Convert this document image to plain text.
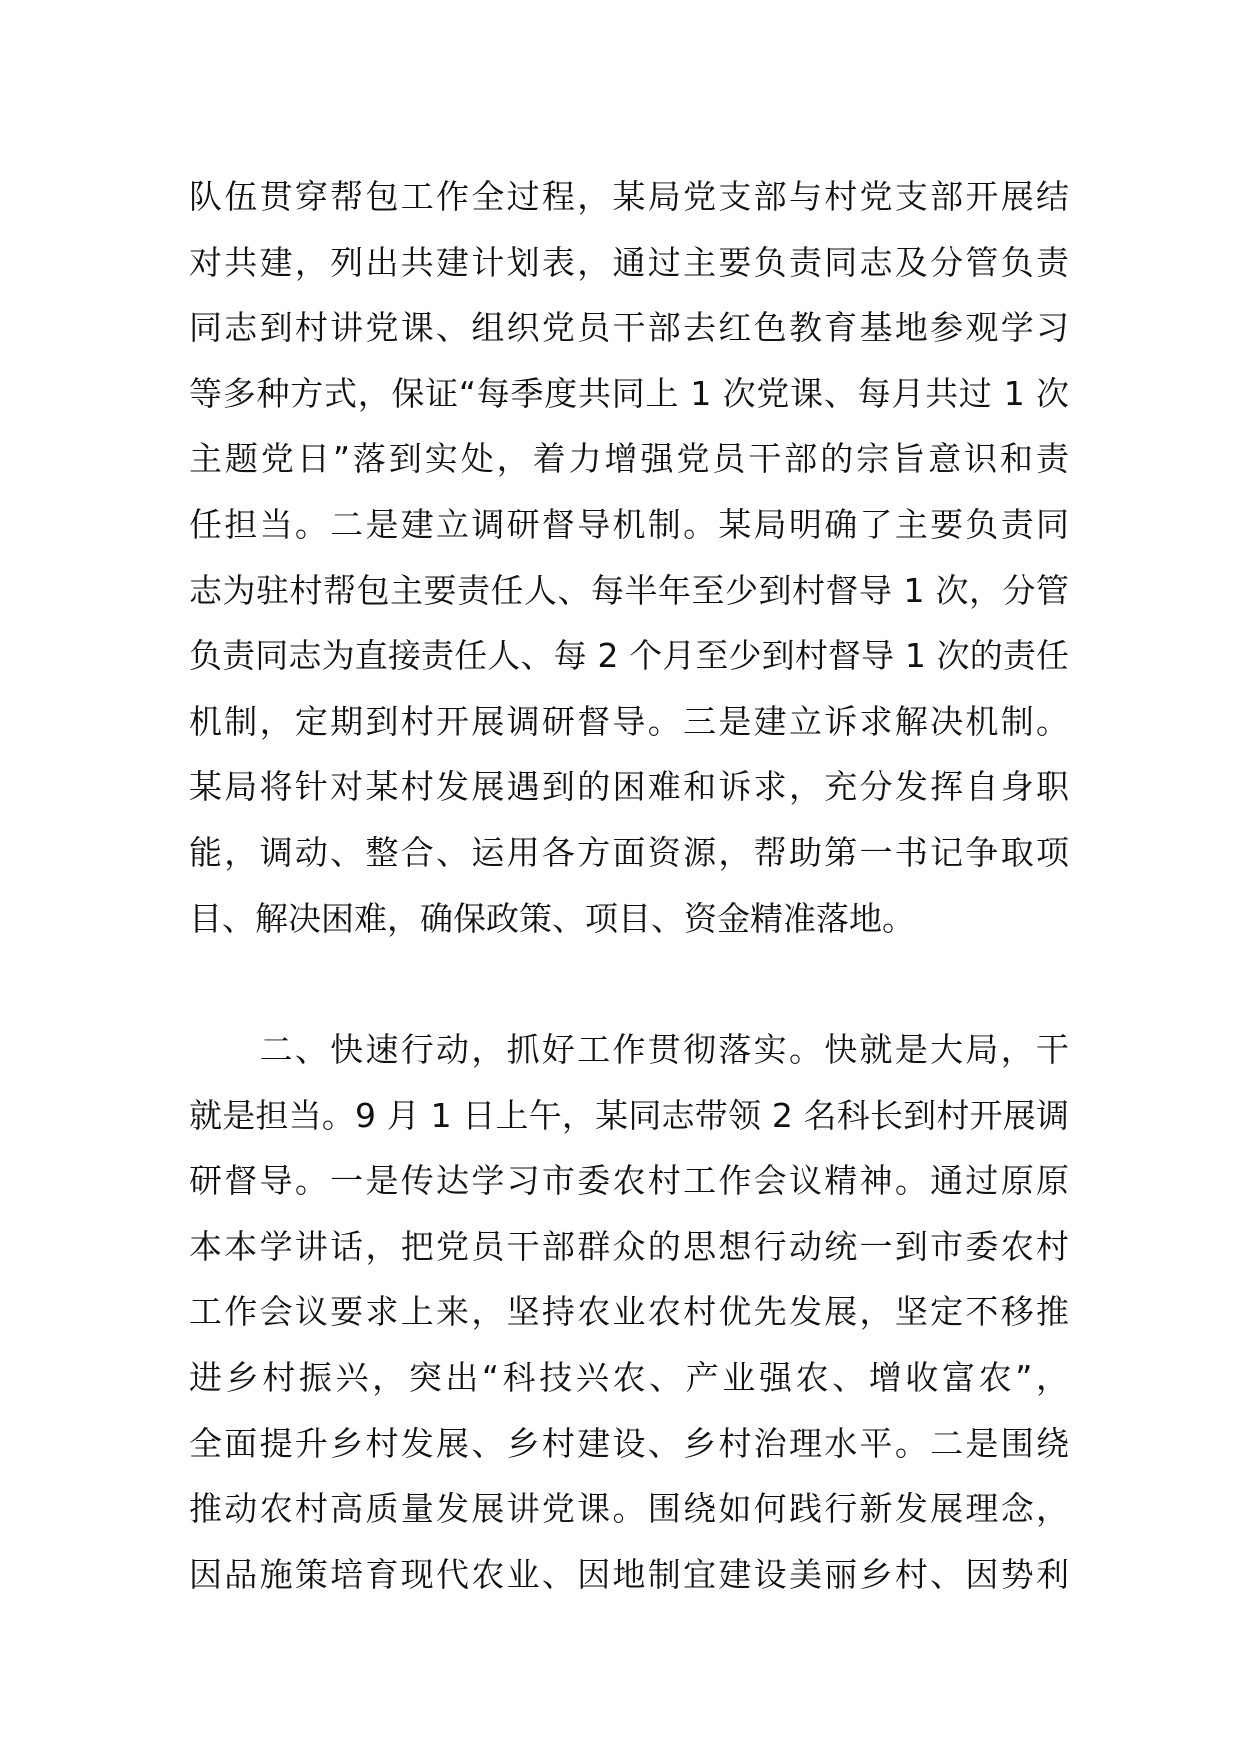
队伍贯穿帮包工作全过程，某局党支部与村党支部开展结
对共建，列出共建计划表，通过主要负责同志及分管负责
同志到村讲党课、组织党员干部去红色教育基地参观学习
等多种方式，保证“每季度共同上 1 次党课、每月共过 1 次
主题党日”落到实处，着力增强党员干部的宗旨意识和责
任担当。二是建立调研督导机制。某局明确了主要负责同
志为驻村帮包主要责任人、每半年至少到村督导 1 次，分管
负责同志为直接责任人、每 2 个月至少到村督导 1 次的责任
机制，定期到村开展调研督导。三是建立诉求解决机制。
某局将针对某村发展遇到的困难和诉求，充分发挥自身职
能，调动、整合、运用各方面资源，帮助第一书记争取项
目、解决困难，确保政策、项目、资金精准落地。
　　二、快速行动，抓好工作贯彻落实。快就是大局，干
就是担当。9 月 1 日上午，某同志带领 2 名科长到村开展调
研督导。一是传达学习市委农村工作会议精神。通过原原
本本学讲话，把党员干部群众的思想行动统一到市委农村
工作会议要求上来，坚持农业农村优先发展，坚定不移推
进乡村振兴，突出“科技兴农、产业强农、增收富农”，
全面提升乡村发展、乡村建设、乡村治理水平。二是围绕
推动农村高质量发展讲党课。围绕如何践行新发展理念，
因品施策培育现代农业、因地制宜建设美丽乡村、因势利
